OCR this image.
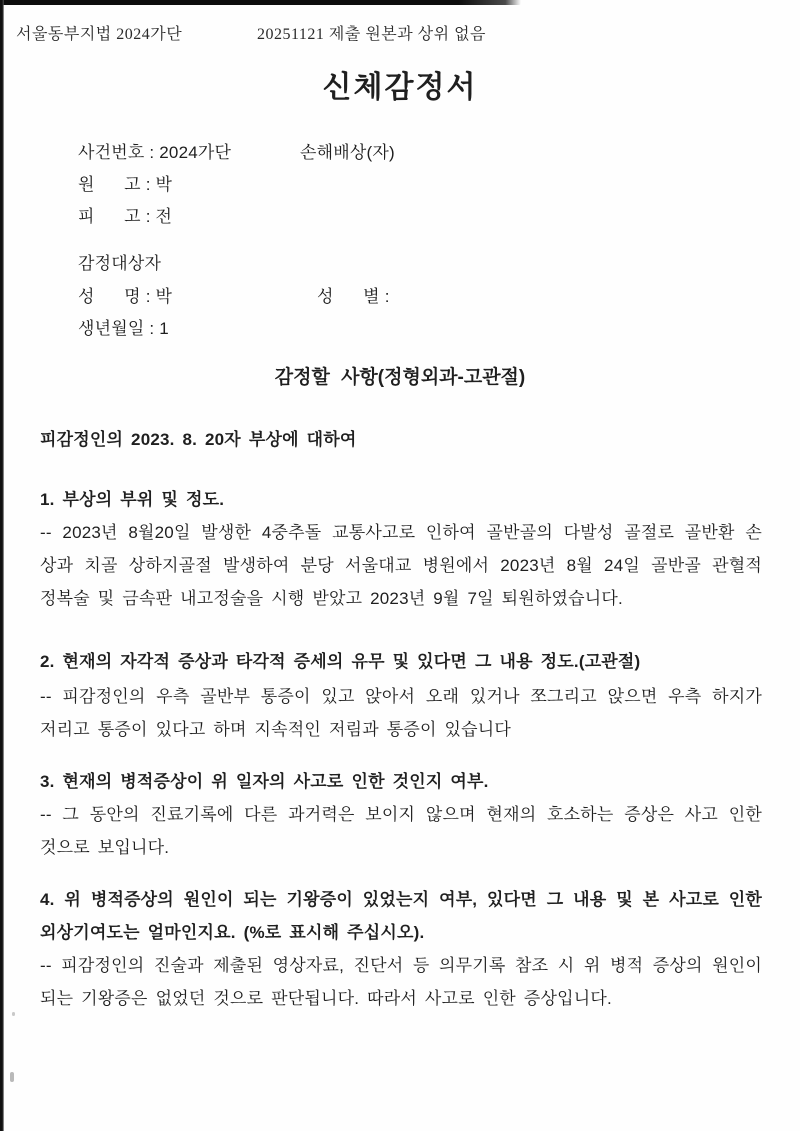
서울동부지법 2024가단	20251121 제출 원본과 상위 없음
신체감정서
사건번호 : 2024가단	손해배상(자)
원      고 : 박
피      고 : 전
감정대상자
성      명 : 박	성      별 :
생년월일 : 1
감정할 사항(정형외과-고관절)
피감정인의 2023. 8. 20자 부상에 대하여
1. 부상의 부위 및 정도.
-- 2023년 8월20일 발생한 4중추돌 교통사고로 인하여 골반골의 다발성 골절로 골반환 손
상과 치골 상하지골절 발생하여 분당 서울대교 병원에서 2023년 8월 24일 골반골 관혈적
정복술 및 금속판 내고정술을 시행 받았고 2023년 9월 7일 퇴원하였습니다.
2. 현재의 자각적 증상과 타각적 증세의 유무 및 있다면 그 내용 정도.(고관절)
-- 피감정인의 우측 골반부 통증이 있고 앉아서 오래 있거나 쪼그리고 앉으면 우측 하지가
저리고 통증이 있다고 하며 지속적인 저림과 통증이 있습니다
3. 현재의 병적증상이 위 일자의 사고로 인한 것인지 여부.
-- 그 동안의 진료기록에 다른 과거력은 보이지 않으며 현재의 호소하는 증상은 사고 인한
것으로 보입니다.
4. 위 병적증상의 원인이 되는 기왕증이 있었는지 여부, 있다면 그 내용 및 본 사고로 인한
외상기여도는 얼마인지요. (%로 표시해 주십시오).
-- 피감정인의 진술과 제출된 영상자료, 진단서 등 의무기록 참조 시 위 병적 증상의 원인이
되는 기왕증은 없었던 것으로 판단됩니다. 따라서 사고로 인한 증상입니다.
